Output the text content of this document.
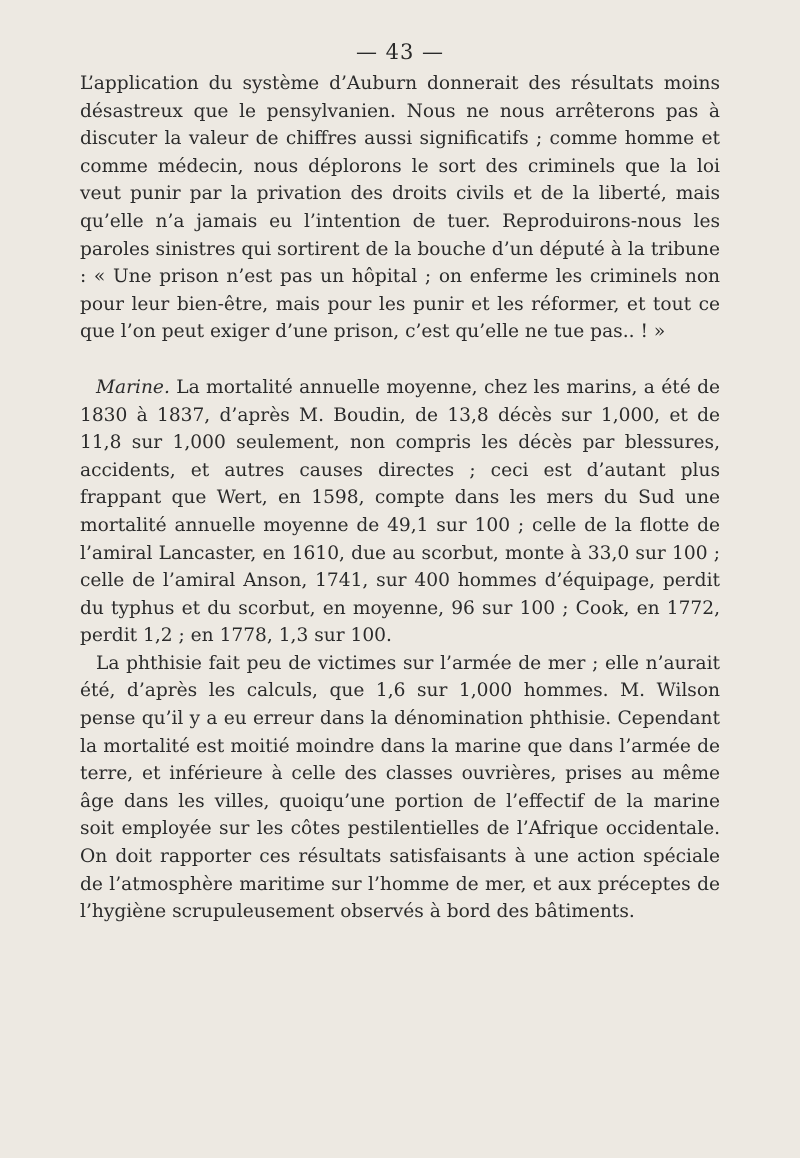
— 43 —

L’application du système d’Auburn donnerait des résultats moins désastreux que le pensylvanien. Nous ne nous arrêterons pas à discuter la valeur de chiffres aussi significatifs ; comme homme et comme médecin, nous déplorons le sort des criminels que la loi veut punir par la privation des droits civils et de la liberté, mais qu’elle n’a jamais eu l’intention de tuer. Reproduirons-nous les paroles sinistres qui sortirent de la bouche d’un député à la tribune : « Une prison n’est pas un hôpital ; on enferme les criminels non pour leur bien-être, mais pour les punir et les réformer, et tout ce que l’on peut exiger d’une prison, c’est qu’elle ne tue pas.. ! »

Marine. La mortalité annuelle moyenne, chez les marins, a été de 1830 à 1837, d’après M. Boudin, de 13,8 décès sur 1,000, et de 11,8 sur 1,000 seulement, non compris les décès par blessures, accidents, et autres causes directes ; ceci est d’autant plus frappant que Wert, en 1598, compte dans les mers du Sud une mortalité annuelle moyenne de 49,1 sur 100 ; celle de la flotte de l’amiral Lancaster, en 1610, due au scorbut, monte à 33,0 sur 100 ; celle de l’amiral Anson, 1741, sur 400 hommes d’équipage, perdit du typhus et du scorbut, en moyenne, 96 sur 100 ; Cook, en 1772, perdit 1,2 ; en 1778, 1,3 sur 100.

La phthisie fait peu de victimes sur l’armée de mer ; elle n’aurait été, d’après les calculs, que 1,6 sur 1,000 hommes. M. Wilson pense qu’il y a eu erreur dans la dénomination phthisie. Cependant la mortalité est moitié moindre dans la marine que dans l’armée de terre, et inférieure à celle des classes ouvrières, prises au même âge dans les villes, quoiqu’une portion de l’effectif de la marine soit employée sur les côtes pestilentielles de l’Afrique occidentale. On doit rapporter ces résultats satisfaisants à une action spéciale de l’atmosphère maritime sur l’homme de mer, et aux préceptes de l’hygiène scrupuleusement observés à bord des bâtiments.
